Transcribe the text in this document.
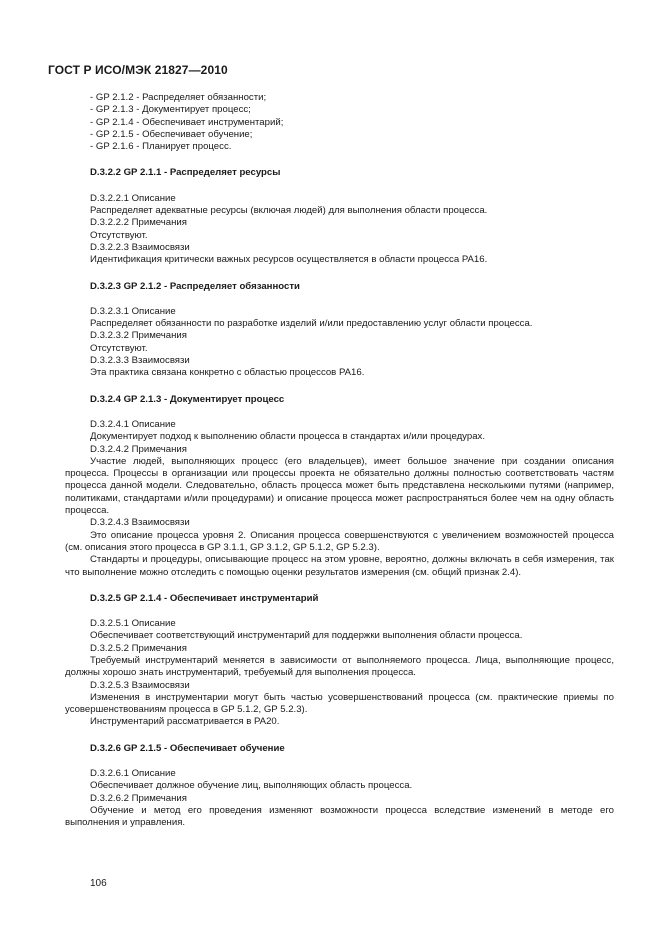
ГОСТ Р ИСО/МЭК 21827—2010

- GP 2.1.2 - Распределяет обязанности;

- GP 2.1.3 - Документирует процесс;

- GP 2.1.4 - Обеспечивает инструментарий;

- GP 2.1.5 - Обеспечивает обучение;

- GP 2.1.6 - Планирует процесс.

D.3.2.2 GP 2.1.1 - Распределяет ресурсы

D.3.2.2.1 Описание

Распределяет адекватные ресурсы (включая людей) для выполнения области процесса.

D.3.2.2.2 Примечания

Отсутствуют.

D.3.2.2.3 Взаимосвязи

Идентификация критически важных ресурсов осуществляется в области процесса PA16.

D.3.2.3 GP 2.1.2 - Распределяет обязанности

D.3.2.3.1 Описание

Распределяет обязанности по разработке изделий и/или предоставлению услуг области процесса.

D.3.2.3.2 Примечания

Отсутствуют.

D.3.2.3.3 Взаимосвязи

Эта практика связана конкретно с областью процессов PA16.

D.3.2.4 GP 2.1.3 - Документирует процесс

D.3.2.4.1 Описание

Документирует подход к выполнению области процесса в стандартах и/или процедурах.

D.3.2.4.2 Примечания

Участие людей, выполняющих процесс (его владельцев), имеет большое значение при создании описания процесса. Процессы в организации или процессы проекта не обязательно должны полностью соответствовать частям процесса данной модели. Следовательно, область процесса может быть представлена несколькими путями (например, политиками, стандартами и/или процедурами) и описание процесса может распространяться более чем на одну область процесса.

D.3.2.4.3 Взаимосвязи

Это описание процесса уровня 2. Описания процесса совершенствуются с увеличением возможностей процесса (см. описания этого процесса в GP 3.1.1, GP 3.1.2, GP 5.1.2, GP 5.2.3).

Стандарты и процедуры, описывающие процесс на этом уровне, вероятно, должны включать в себя измерения, так что выполнение можно отследить с помощью оценки результатов измерения (см. общий признак 2.4).

D.3.2.5 GP 2.1.4 - Обеспечивает инструментарий

D.3.2.5.1 Описание

Обеспечивает соответствующий инструментарий для поддержки выполнения области процесса.

D.3.2.5.2 Примечания

Требуемый инструментарий меняется в зависимости от выполняемого процесса. Лица, выполняющие процесс, должны хорошо знать инструментарий, требуемый для выполнения процесса.

D.3.2.5.3 Взаимосвязи

Изменения в инструментарии могут быть частью усовершенствований процесса (см. практические приемы по усовершенствованиям процесса в GP 5.1.2, GP 5.2.3).

Инструментарий рассматривается в PA20.

D.3.2.6 GP 2.1.5 - Обеспечивает обучение

D.3.2.6.1 Описание

Обеспечивает должное обучение лиц, выполняющих область процесса.

D.3.2.6.2 Примечания

Обучение и метод его проведения изменяют возможности процесса вследствие изменений в методе его выполнения и управления.

106
